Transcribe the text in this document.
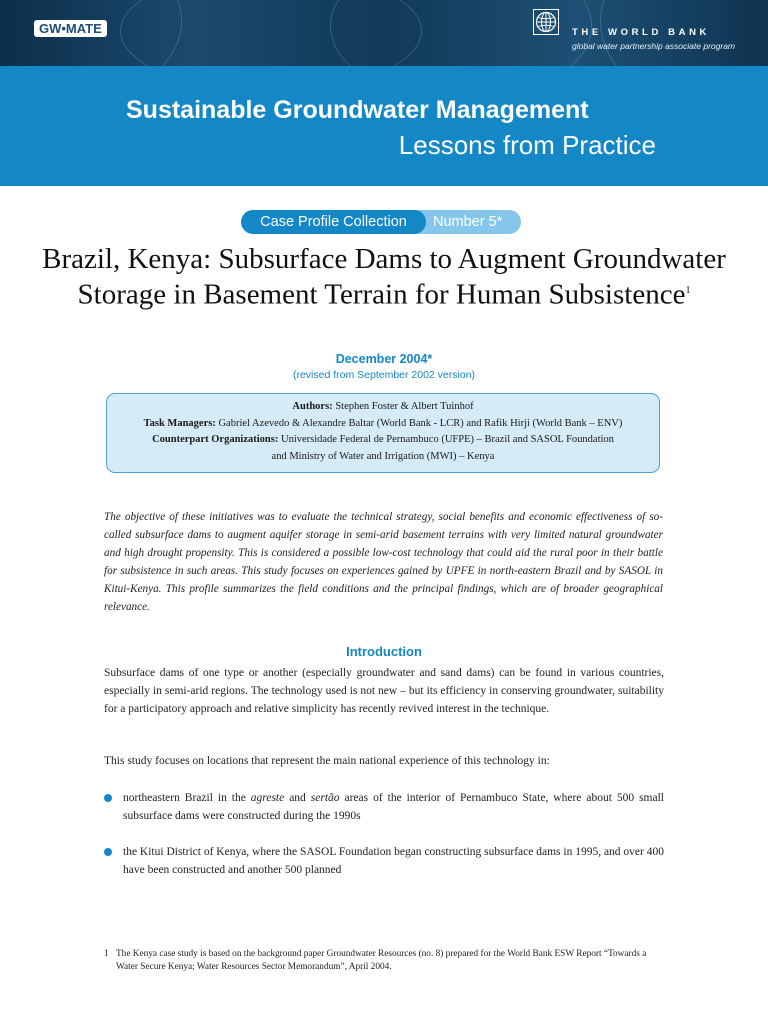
GW•MATE	THE WORLD BANK
global water partnership associate program
Sustainable Groundwater Management
Lessons from Practice
Case Profile Collection	Number 5*
Brazil, Kenya: Subsurface Dams to Augment Groundwater Storage in Basement Terrain for Human Subsistence$^1$
December 2004*
(revised from September 2002 version)
Authors: Stephen Foster & Albert Tuinhof
Task Managers: Gabriel Azevedo & Alexandre Baltar (World Bank - LCR) and Rafik Hirji (World Bank – ENV)
Counterpart Organizations: Universidade Federal de Pernambuco (UFPE) – Brazil and SASOL Foundation
and Ministry of Water and Irrigation (MWI) – Kenya
The objective of these initiatives was to evaluate the technical strategy, social benefits and economic effectiveness of so-called subsurface dams to augment aquifer storage in semi-arid basement terrains with very limited natural groundwater and high drought propensity. This is considered a possible low-cost technology that could aid the rural poor in their battle for subsistence in such areas. This study focuses on experiences gained by UPFE in north-eastern Brazil and by SASOL in Kitui-Kenya. This profile summarizes the field conditions and the principal findings, which are of broader geographical relevance.
Introduction
Subsurface dams of one type or another (especially groundwater and sand dams) can be found in various countries, especially in semi-arid regions. The technology used is not new – but its efficiency in conserving groundwater, suitability for a participatory approach and relative simplicity has recently revived interest in the technique.
This study focuses on locations that represent the main national experience of this technology in:
northeastern Brazil in the agreste and sertão areas of the interior of Pernambuco State, where about 500 small subsurface dams were constructed during the 1990s
the Kitui District of Kenya, where the SASOL Foundation began constructing subsurface dams in 1995, and over 400 have been constructed and another 500 planned
1 The Kenya case study is based on the background paper Groundwater Resources (no. 8) prepared for the World Bank ESW Report “Towards a Water Secure Kenya; Water Resources Sector Memorandum”, April 2004.
